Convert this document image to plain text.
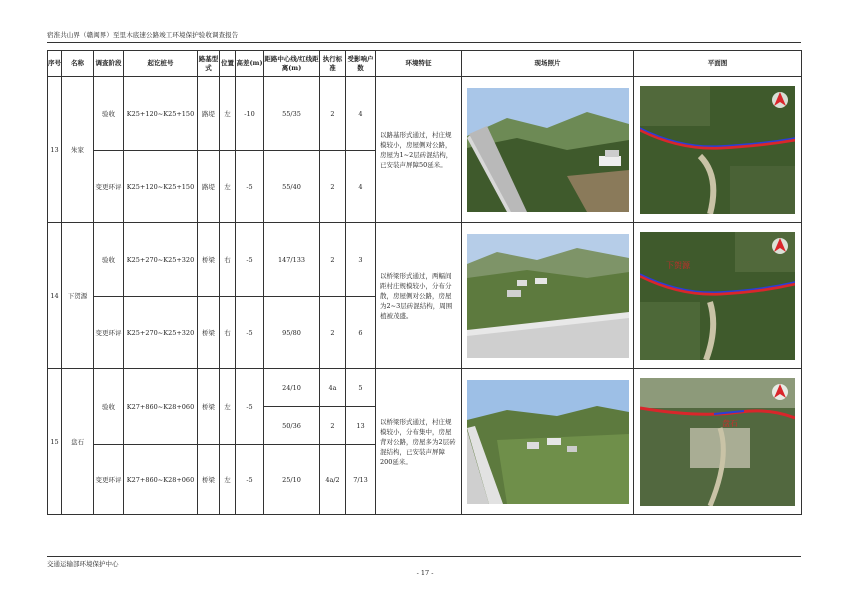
宿淮共山界（赣闽界）至里木底速公路竣工环境保护验收调查报告
序号	名称	调查阶段	起讫桩号	路基型式	位置	高差(m)	距路中心线/红线距离(m)	执行标准	受影响户数	环境特征	现场照片	平面图
13	朱家	验收	K25+120~K25+150	路堤	左	-10	55/35	2	4	以路基形式通过，村庄规模较小，房屋侧对公路，房屋为1~2层砖混结构，已安装声屏障50延米。	

		变更环评	K25+120~K25+150	路堤	左	-5	55/40	2	4			
14	下贺源	验收	K25+270~K25+320	桥梁	右	-5	147/133	2	3	以桥梁形式通过，两幅间距村庄规模较小，分布分散，房屋侧对公路，房屋为2~3层砖混结构，周围植被茂盛。		下贺源

		变更环评	K25+270~K25+320	桥梁	右	-5	95/80	2	6			
15	盘石	验收	K27+860~K28+060	桥梁	左	-5	24/10	4a	5	以桥梁形式通过，村庄规模较小，分布集中，房屋背对公路，房屋多为2层砖混结构，已安装声屏障200延米。		盘石

							50/36	2	13			
		变更环评	K27+860~K28+060	桥梁	左	-5	25/10	4a/2	7/13			
交通运输部环境保护中心
- 17 -
